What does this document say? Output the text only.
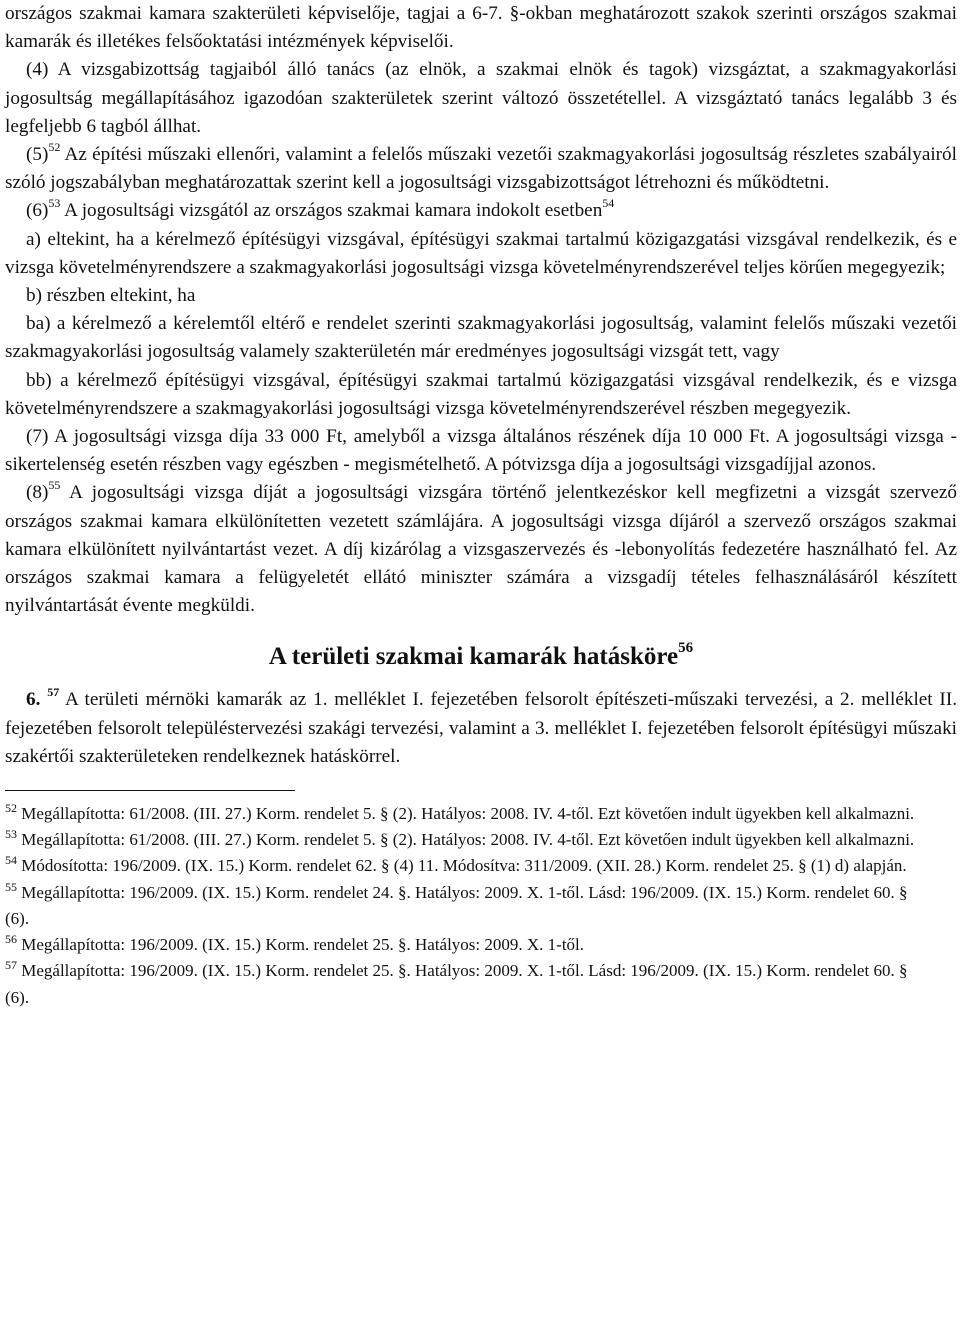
országos szakmai kamara szakterületi képviselője, tagjai a 6-7. §-okban meghatározott szakok szerinti országos szakmai kamarák és illetékes felsőoktatási intézmények képviselői.

(4) A vizsgabizottság tagjaiból álló tanács (az elnök, a szakmai elnök és tagok) vizsgáztat, a szakmagyakorlási jogosultság megállapításához igazodóan szakterületek szerint változó összetétellel. A vizsgáztató tanács legalább 3 és legfeljebb 6 tagból állhat.

$(5)^{52}$ Az építési műszaki ellenőri, valamint a felelős műszaki vezetői szakmagyakorlási jogosultság részletes szabályairól szóló jogszabályban meghatározattak szerint kell a jogosultsági vizsgabizottságot létrehozni és működtetni.

$(6)^{53}$ A jogosultsági vizsgától az országos szakmai kamara indokolt esetben$^{54}$

a) eltekint, ha a kérelmező építésügyi vizsgával, építésügyi szakmai tartalmú közigazgatási vizsgával rendelkezik, és e vizsga követelményrendszere a szakmagyakorlási jogosultsági vizsga követelményrendszerével teljes körűen megegyezik;

b) részben eltekint, ha

ba) a kérelmező a kérelemtől eltérő e rendelet szerinti szakmagyakorlási jogosultság, valamint felelős műszaki vezetői szakmagyakorlási jogosultság valamely szakterületén már eredményes jogosultsági vizsgát tett, vagy

bb) a kérelmező építésügyi vizsgával, építésügyi szakmai tartalmú közigazgatási vizsgával rendelkezik, és e vizsga követelményrendszere a szakmagyakorlási jogosultsági vizsga követelményrendszerével részben megegyezik.

(7) A jogosultsági vizsga díja 33 000 Ft, amelyből a vizsga általános részének díja 10 000 Ft. A jogosultsági vizsga - sikertelenség esetén részben vagy egészben - megismételhető. A pótvizsga díja a jogosultsági vizsgadíjjal azonos.

$(8)^{55}$ A jogosultsági vizsga díját a jogosultsági vizsgára történő jelentkezéskor kell megfizetni a vizsgát szervező országos szakmai kamara elkülönítetten vezetett számlájára. A jogosultsági vizsga díjáról a szervező országos szakmai kamara elkülönített nyilvántartást vezet. A díj kizárólag a vizsgaszervezés és -lebonyolítás fedezetére használható fel. Az országos szakmai kamara a felügyeletét ellátó miniszter számára a vizsgadíj tételes felhasználásáról készített nyilvántartását évente megküldi.

A területi szakmai kamarák hatásköre$^{56}$

6. $^{57}$ A területi mérnöki kamarák az 1. melléklet I. fejezetében felsorolt építészeti-műszaki tervezési, a 2. melléklet II. fejezetében felsorolt településtervezési szakági tervezési, valamint a 3. melléklet I. fejezetében felsorolt építésügyi műszaki szakértői szakterületeken rendelkeznek hatáskörrel.

$^{52}$ Megállapította: 61/2008. (III. 27.) Korm. rendelet 5. § (2). Hatályos: 2008. IV. 4-től. Ezt követően indult ügyekben kell alkalmazni.

$^{53}$ Megállapította: 61/2008. (III. 27.) Korm. rendelet 5. § (2). Hatályos: 2008. IV. 4-től. Ezt követően indult ügyekben kell alkalmazni.

$^{54}$ Módosította: 196/2009. (IX. 15.) Korm. rendelet 62. § (4) 11. Módosítva: 311/2009. (XII. 28.) Korm. rendelet 25. § (1) d) alapján.

$^{55}$ Megállapította: 196/2009. (IX. 15.) Korm. rendelet 24. §. Hatályos: 2009. X. 1-től. Lásd: 196/2009. (IX. 15.) Korm. rendelet 60. § (6).

$^{56}$ Megállapította: 196/2009. (IX. 15.) Korm. rendelet 25. §. Hatályos: 2009. X. 1-től.

$^{57}$ Megállapította: 196/2009. (IX. 15.) Korm. rendelet 25. §. Hatályos: 2009. X. 1-től. Lásd: 196/2009. (IX. 15.) Korm. rendelet 60. § (6).
